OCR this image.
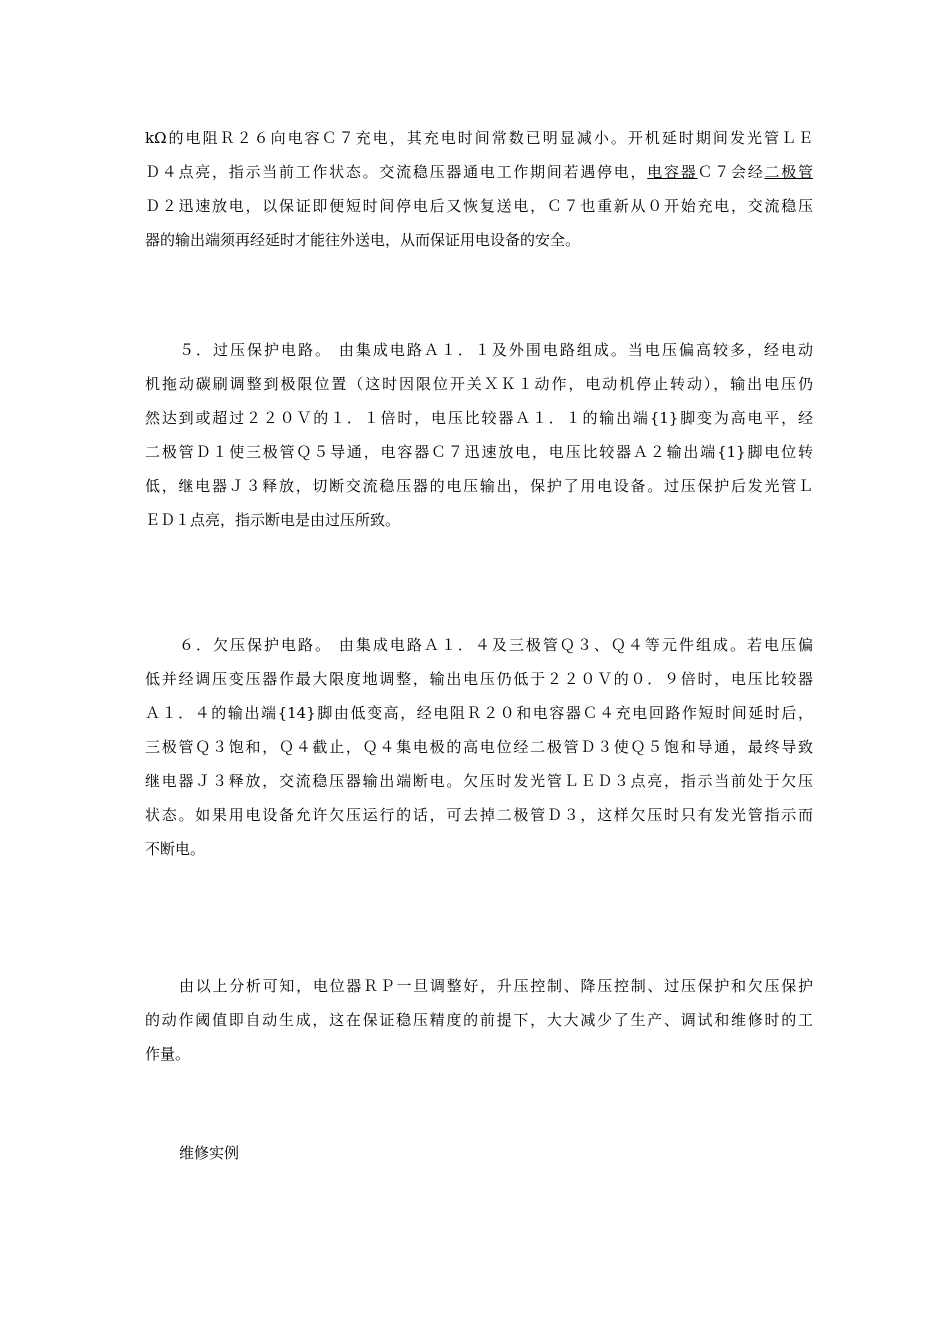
kΩ的电阻Ｒ２６向电容Ｃ７充电，其充电时间常数已明显减小。开机延时期间发光管ＬＥ
Ｄ４点亮，指示当前工作状态。交流稳压器通电工作期间若遇停电，电容器Ｃ７会经二极管
Ｄ２迅速放电，以保证即便短时间停电后又恢复送电，Ｃ７也重新从０开始充电，交流稳压
器的输出端须再经延时才能往外送电，从而保证用电设备的安全。
５．过压保护电路。 由集成电路Ａ１．１及外围电路组成。当电压偏高较多，经电动
机拖动碳刷调整到极限位置（这时因限位开关ＸＫ１动作，电动机停止转动），输出电压仍
然达到或超过２２０Ｖ的１．１倍时，电压比较器Ａ１．１的输出端{1}脚变为高电平，经
二极管Ｄ１使三极管Ｑ５导通，电容器Ｃ７迅速放电，电压比较器Ａ２输出端{1}脚电位转
低，继电器Ｊ３释放，切断交流稳压器的电压输出，保护了用电设备。过压保护后发光管Ｌ
ＥＤ１点亮，指示断电是由过压所致。
６．欠压保护电路。 由集成电路Ａ１．４及三极管Ｑ３、Ｑ４等元件组成。若电压偏
低并经调压变压器作最大限度地调整，输出电压仍低于２２０Ｖ的０．９倍时，电压比较器
Ａ１．４的输出端{14}脚由低变高，经电阻Ｒ２０和电容器Ｃ４充电回路作短时间延时后，
三极管Ｑ３饱和，Ｑ４截止，Ｑ４集电极的高电位经二极管Ｄ３使Ｑ５饱和导通，最终导致
继电器Ｊ３释放，交流稳压器输出端断电。欠压时发光管ＬＥＤ３点亮，指示当前处于欠压
状态。如果用电设备允许欠压运行的话，可去掉二极管Ｄ３，这样欠压时只有发光管指示而
不断电。
由以上分析可知，电位器ＲＰ一旦调整好，升压控制、降压控制、过压保护和欠压保护
的动作阈值即自动生成，这在保证稳压精度的前提下，大大减少了生产、调试和维修时的工
作量。
维修实例
